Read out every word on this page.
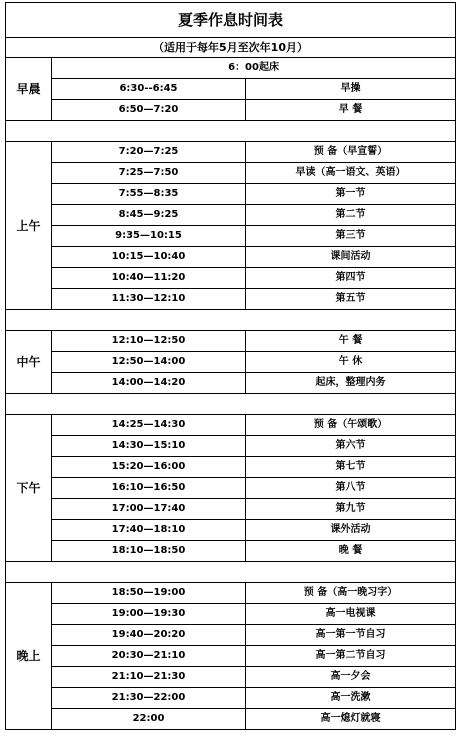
夏季作息时间表		
（适用于每年5月至次年10月）		
早晨	6：00起床	
	6:30--6:45	早操
	6:50—7:20	早 餐

上午	7:20—7:25	预 备（早宣誓）
	7:25—7:50	早读（高一语文、英语）
	7:55—8:35	第一节
	8:45—9:25	第二节
	9:35—10:15	第三节
	10:15—10:40	课间活动
	10:40—11:20	第四节
	11:30—12:10	第五节

中午	12:10—12:50	午 餐
	12:50—14:00	午 休
	14:00—14:20	起床，整理内务

下午	14:25—14:30	预 备（午颂歌）
	14:30—15:10	第六节
	15:20—16:00	第七节
	16:10—16:50	第八节
	17:00—17:40	第九节
	17:40—18:10	课外活动
	18:10—18:50	晚 餐

晚上	18:50—19:00	预 备（高一晚习字）
	19:00—19:30	高一电视课
	19:40—20:20	高一第一节自习
	20:30—21:10	高一第二节自习
	21:10—21:30	高一夕会
	21:30—22:00	高一洗漱
	22:00	高一熄灯就寝
